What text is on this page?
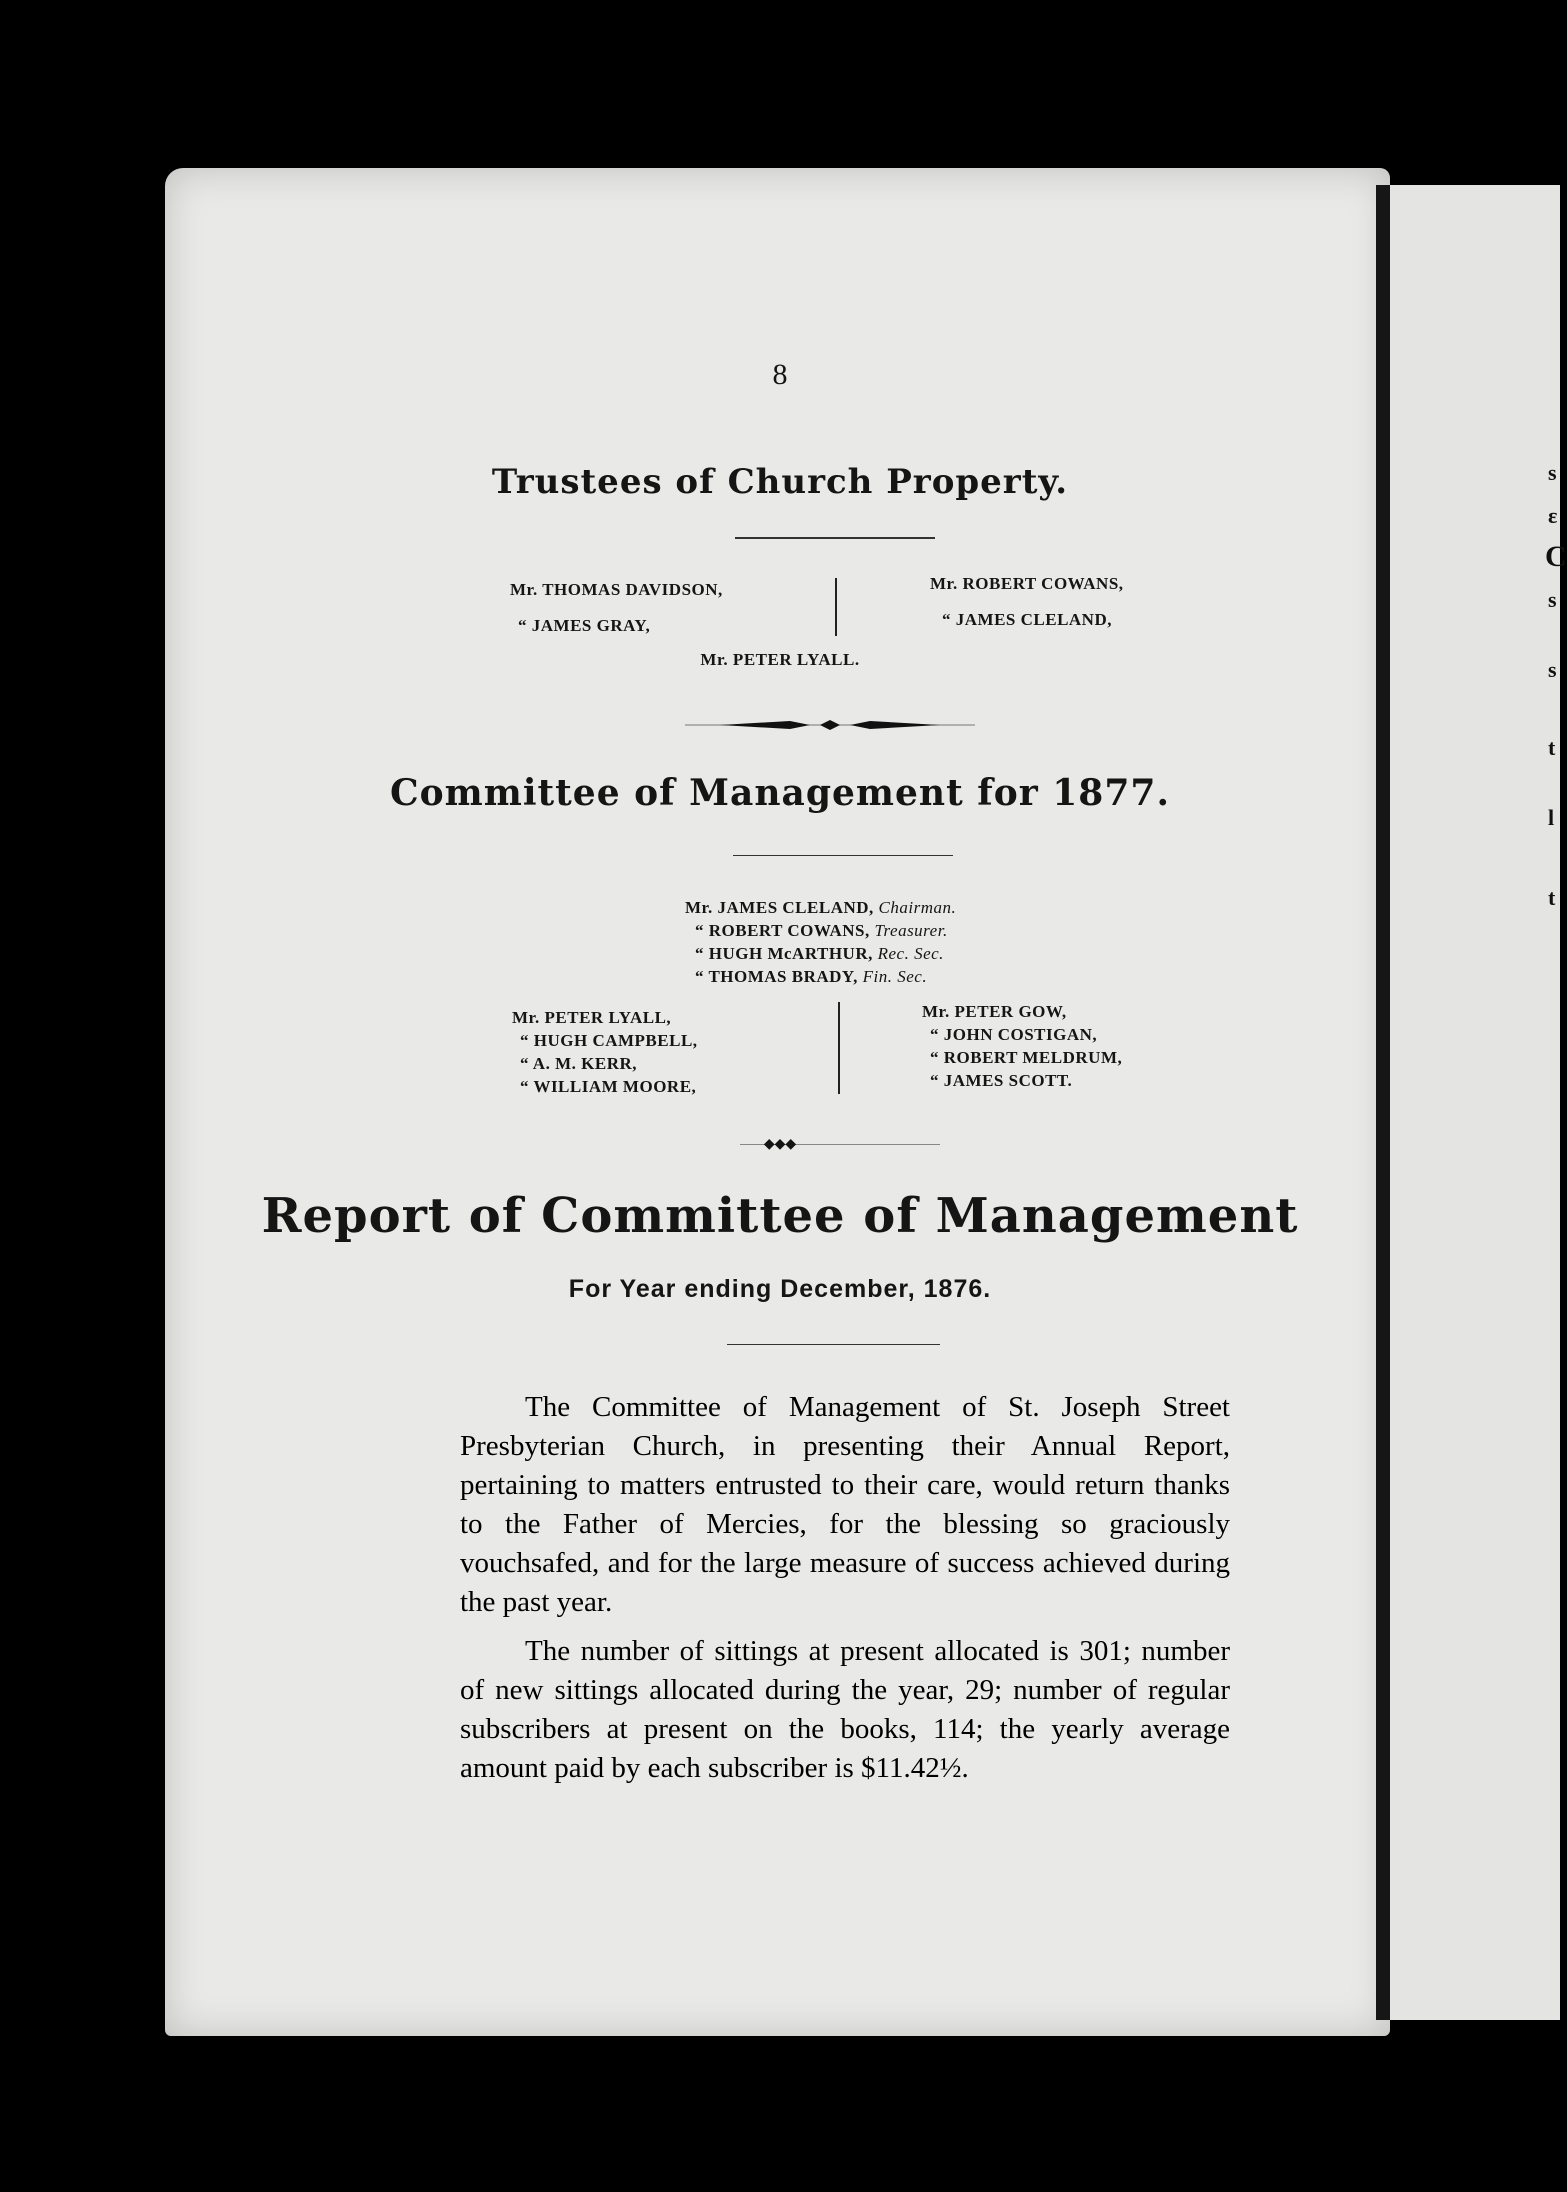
s
ε
C
s
s
t
l
t
8
Trustees of Church Property.
Mr. THOMAS DAVIDSON,
“ JAMES GRAY,
Mr. ROBERT COWANS,
“ JAMES CLELAND,
Mr. PETER LYALL.
Committee of Management for 1877.
Mr. JAMES CLELAND, Chairman.
“ ROBERT COWANS, Treasurer.
“ HUGH McARTHUR, Rec. Sec.
“ THOMAS BRADY, Fin. Sec.
Mr. PETER LYALL,
“ HUGH CAMPBELL,
“ A. M. KERR,
“ WILLIAM MOORE,
Mr. PETER GOW,
“ JOHN COSTIGAN,
“ ROBERT MELDRUM,
“ JAMES SCOTT.
◆◆◆
Report of Committee of Management
For Year ending December, 1876.

The Committee of Management of St. Joseph Street Presbyterian Church, in presenting their Annual Report, pertaining to matters entrusted to their care, would return thanks to the Father of Mercies, for the blessing so graciously vouchsafed, and for the large measure of success achieved during the past year.

The number of sittings at present allocated is 301; number of new sittings allocated during the year, 29; number of regular subscribers at present on the books, 114; the yearly average amount paid by each subscriber is $11.42½.
